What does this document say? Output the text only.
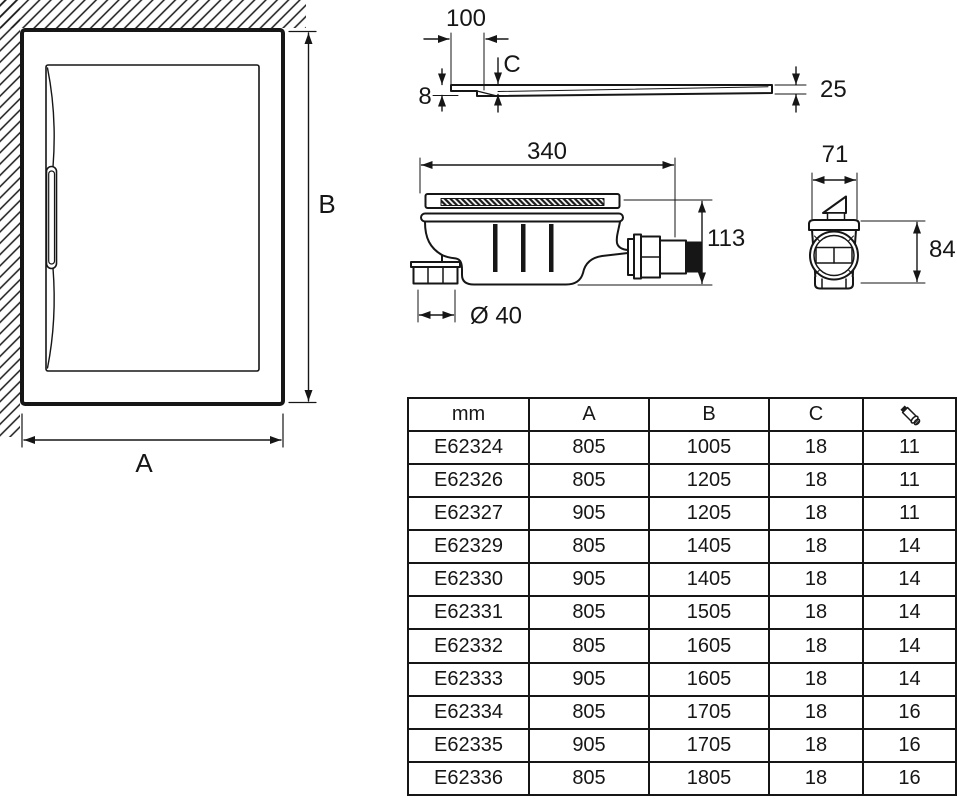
B
A
100
C
8	25
340
113
Ø 40
71
84
mm	A	B	C	

E62324	805	1005	18	11
E62326	805	1205	18	11
E62327	905	1205	18	11
E62329	805	1405	18	14
E62330	905	1405	18	14
E62331	805	1505	18	14
E62332	805	1605	18	14
E62333	905	1605	18	14
E62334	805	1705	18	16
E62335	905	1705	18	16
E62336	805	1805	18	16
